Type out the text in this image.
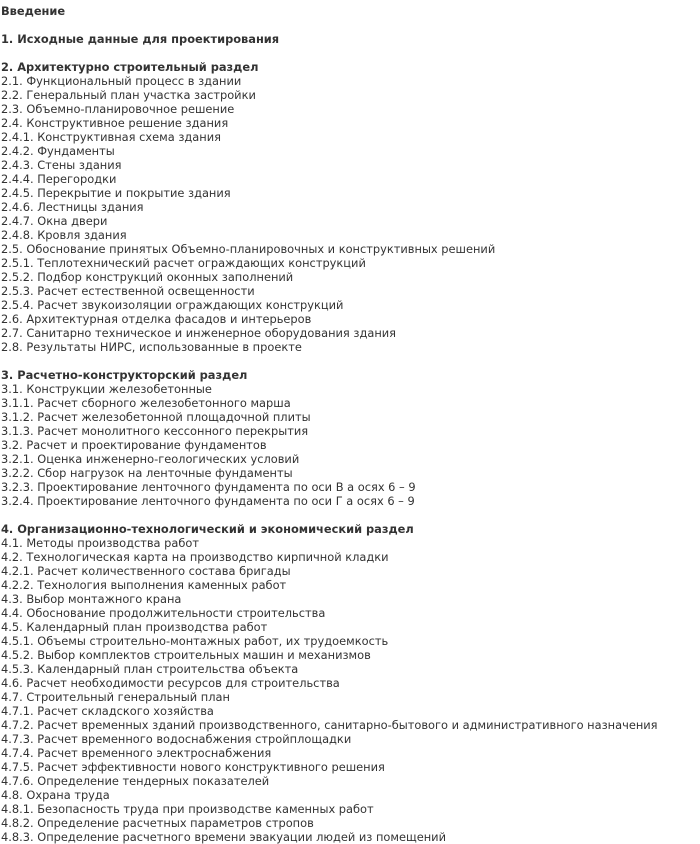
Введение
1. Исходные данные для проектирования
2. Архитектурно строительный раздел
2.1. Функциональный процесс в здании
2.2. Генеральный план участка застройки
2.3. Объемно-планировочное решение
2.4. Конструктивное решение здания
2.4.1. Конструктивная схема здания
2.4.2. Фундаменты
2.4.3. Стены здания
2.4.4. Перегородки
2.4.5. Перекрытие и покрытие здания
2.4.6. Лестницы здания
2.4.7. Окна двери
2.4.8. Кровля здания
2.5. Обоснование принятых Объемно-планировочных и конструктивных решений
2.5.1. Теплотехнический расчет ограждающих конструкций
2.5.2. Подбор конструкций оконных заполнений
2.5.3. Расчет естественной освещенности
2.5.4. Расчет звукоизоляции ограждающих конструкций
2.6. Архитектурная отделка фасадов и интерьеров
2.7. Санитарно техническое и инженерное оборудования здания
2.8. Результаты НИРС, использованные в проекте
3. Расчетно-конструкторский раздел
3.1. Конструкции железобетонные
3.1.1. Расчет сборного железобетонного марша
3.1.2. Расчет железобетонной площадочной плиты
3.1.3. Расчет монолитного кессонного перекрытия
3.2. Расчет и проектирование фундаментов
3.2.1. Оценка инженерно-геологических условий
3.2.2. Сбор нагрузок на ленточные фундаменты
3.2.3. Проектирование ленточного фундамента по оси В а осях 6 – 9
3.2.4. Проектирование ленточного фундамента по оси Г а осях 6 – 9
4. Организационно-технологический и экономический раздел
4.1. Методы производства работ
4.2. Технологическая карта на производство кирпичной кладки
4.2.1. Расчет количественного состава бригады
4.2.2. Технология выполнения каменных работ
4.3. Выбор монтажного крана
4.4. Обоснование продолжительности строительства
4.5. Календарный план производства работ
4.5.1. Объемы строительно-монтажных работ, их трудоемкость
4.5.2. Выбор комплектов строительных машин и механизмов
4.5.3. Календарный план строительства объекта
4.6. Расчет необходимости ресурсов для строительства
4.7. Строительный генеральный план
4.7.1. Расчет складского хозяйства
4.7.2. Расчет временных зданий производственного, санитарно-бытового и административного назначения
4.7.3. Расчет временного водоснабжения стройплощадки
4.7.4. Расчет временного электроснабжения
4.7.5. Расчет эффективности нового конструктивного решения
4.7.6. Определение тендерных показателей
4.8. Охрана труда
4.8.1. Безопасность труда при производстве каменных работ
4.8.2. Определение расчетных параметров стропов
4.8.3. Определение расчетного времени эвакуации людей из помещений
